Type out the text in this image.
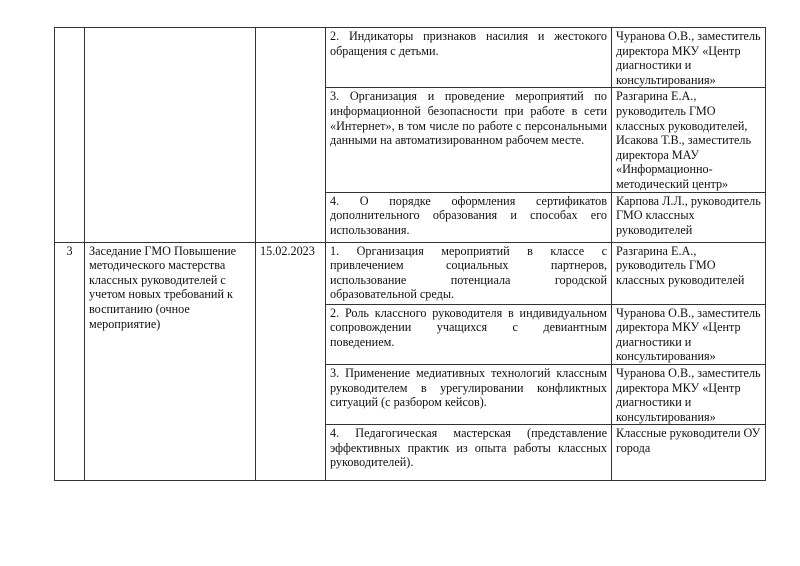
			2. Индикаторы признаков насилия и жестокого обращения с детьми.	Чуранова О.В., заместитель директора МКУ «Центр диагностики и консультирования»
			3. Организация и проведение мероприятий по информационной безопасности при работе в сети «Интернет», в том числе по работе с персональными данными на автоматизированном рабочем месте.	Разгарина Е.А., руководитель ГМО классных руководителей, Исакова Т.В., заместитель директора МАУ «Информационно-методический центр»
			4. О порядке оформления сертификатов дополнительного образования и способах его использования.	Карпова Л.Л., руководитель ГМО классных руководителей
3	Заседание ГМО Повышение методического мастерства классных руководителей с учетом новых требований к воспитанию (очное мероприятие)	15.02.2023	1. Организация мероприятий в классе с привлечением социальных партнеров, использование потенциала городской образовательной среды.	Разгарина Е.А., руководитель ГМО классных руководителей
			2. Роль классного руководителя в индивидуальном сопровождении учащихся с девиантным поведением.	Чуранова О.В., заместитель директора МКУ «Центр диагностики и консультирования»
			3. Применение медиативных технологий классным руководителем в урегулировании конфликтных ситуаций (с разбором кейсов).	Чуранова О.В., заместитель директора МКУ «Центр диагностики и консультирования»
			4. Педагогическая мастерская (представление эффективных практик из опыта работы классных руководителей).	Классные руководители ОУ города
